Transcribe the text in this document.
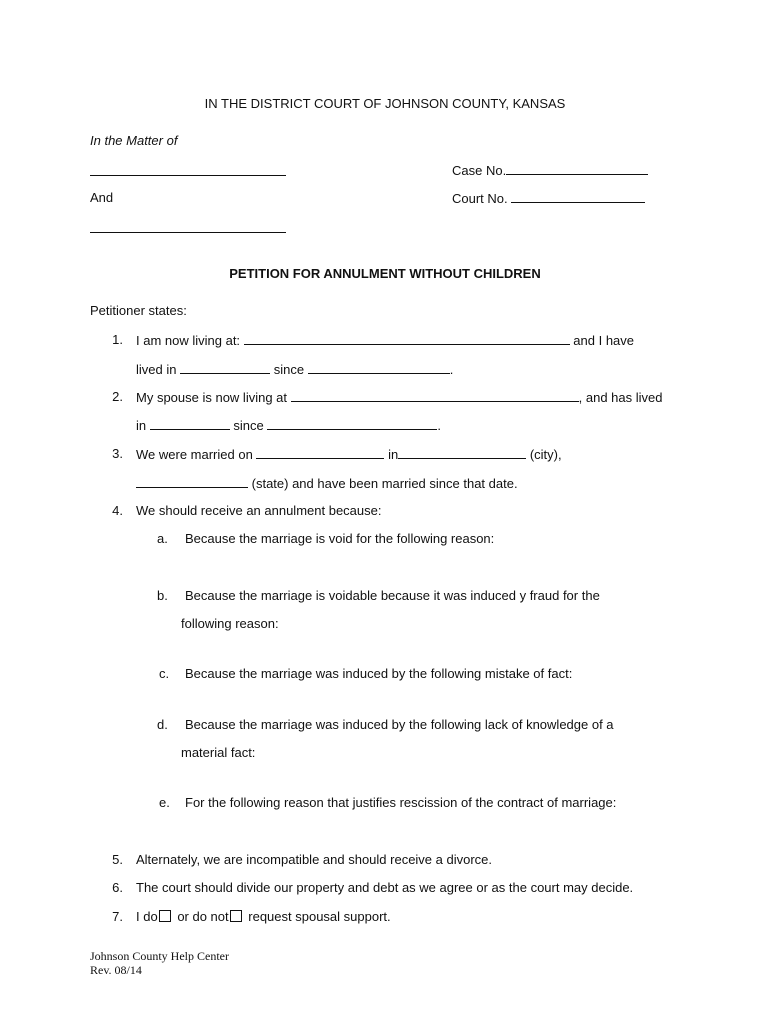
IN THE DISTRICT COURT OF JOHNSON COUNTY, KANSAS
In the Matter of
Case No.
And	Court No.
PETITION FOR ANNULMENT WITHOUT CHILDREN
Petitioner states:
1. I am now living at:	and I have
lived in	since	.
2. My spouse is now living at	, and has lived
in	since	.
3. We were married on	in	(city),
(state) and have been married since that date.
4. We should receive an annulment because:
a. Because the marriage is void for the following reason:
b. Because the marriage is voidable because it was induced y fraud for the
following reason:
c. Because the marriage was induced by the following mistake of fact:
d. Because the marriage was induced by the following lack of knowledge of a
material fact:
e. For the following reason that justifies rescission of the contract of marriage:
5. Alternately, we are incompatible and should receive a divorce.
6. The court should divide our property and debt as we agree or as the court may decide.
7. I do or do not request spousal support.
Johnson County Help Center
Rev. 08/14
